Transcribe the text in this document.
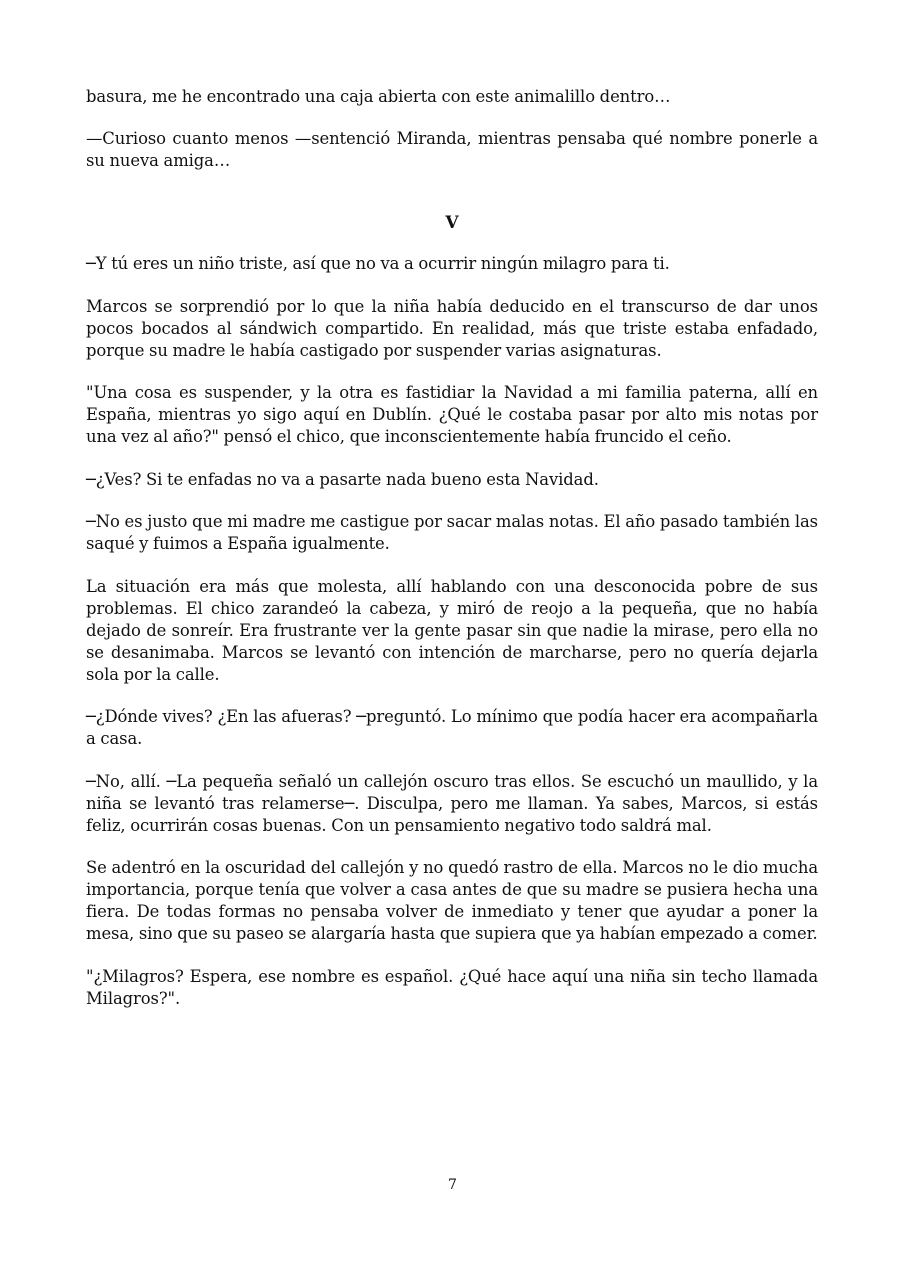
basura, me he encontrado una caja abierta con este animalillo dentro…

—Curioso cuanto menos —sentenció Miranda, mientras pensaba qué nombre ponerle a su nueva amiga…

V

─Y tú eres un niño triste, así que no va a ocurrir ningún milagro para ti.

Marcos se sorprendió por lo que la niña había deducido en el transcurso de dar unos pocos bocados al sándwich compartido. En realidad, más que triste estaba enfadado, porque su madre le había castigado por suspender varias asignaturas.

"Una cosa es suspender, y la otra es fastidiar la Navidad a mi familia paterna, allí en España, mientras yo sigo aquí en Dublín. ¿Qué le costaba pasar por alto mis notas por una vez al año?" pensó el chico, que inconscientemente había fruncido el ceño.

─¿Ves? Si te enfadas no va a pasarte nada bueno esta Navidad.

─No es justo que mi madre me castigue por sacar malas notas. El año pasado también las saqué y fuimos a España igualmente.

La situación era más que molesta, allí hablando con una desconocida pobre de sus problemas. El chico zarandeó la cabeza, y miró de reojo a la pequeña, que no había dejado de sonreír. Era frustrante ver la gente pasar sin que nadie la mirase, pero ella no se desanimaba. Marcos se levantó con intención de marcharse, pero no quería dejarla sola por la calle.

─¿Dónde vives? ¿En las afueras? ─preguntó. Lo mínimo que podía hacer era acompañarla a casa.

─No, allí. ─La pequeña señaló un callejón oscuro tras ellos. Se escuchó un maullido, y la niña se levantó tras relamerse─. Disculpa, pero me llaman. Ya sabes, Marcos, si estás feliz, ocurrirán cosas buenas. Con un pensamiento negativo todo saldrá mal.

Se adentró en la oscuridad del callejón y no quedó rastro de ella. Marcos no le dio mucha importancia, porque tenía que volver a casa antes de que su madre se pusiera hecha una fiera. De todas formas no pensaba volver de inmediato y tener que ayudar a poner la mesa, sino que su paseo se alargaría hasta que supiera que ya habían empezado a comer.

"¿Milagros? Espera, ese nombre es español. ¿Qué hace aquí una niña sin techo llamada Milagros?".

7
